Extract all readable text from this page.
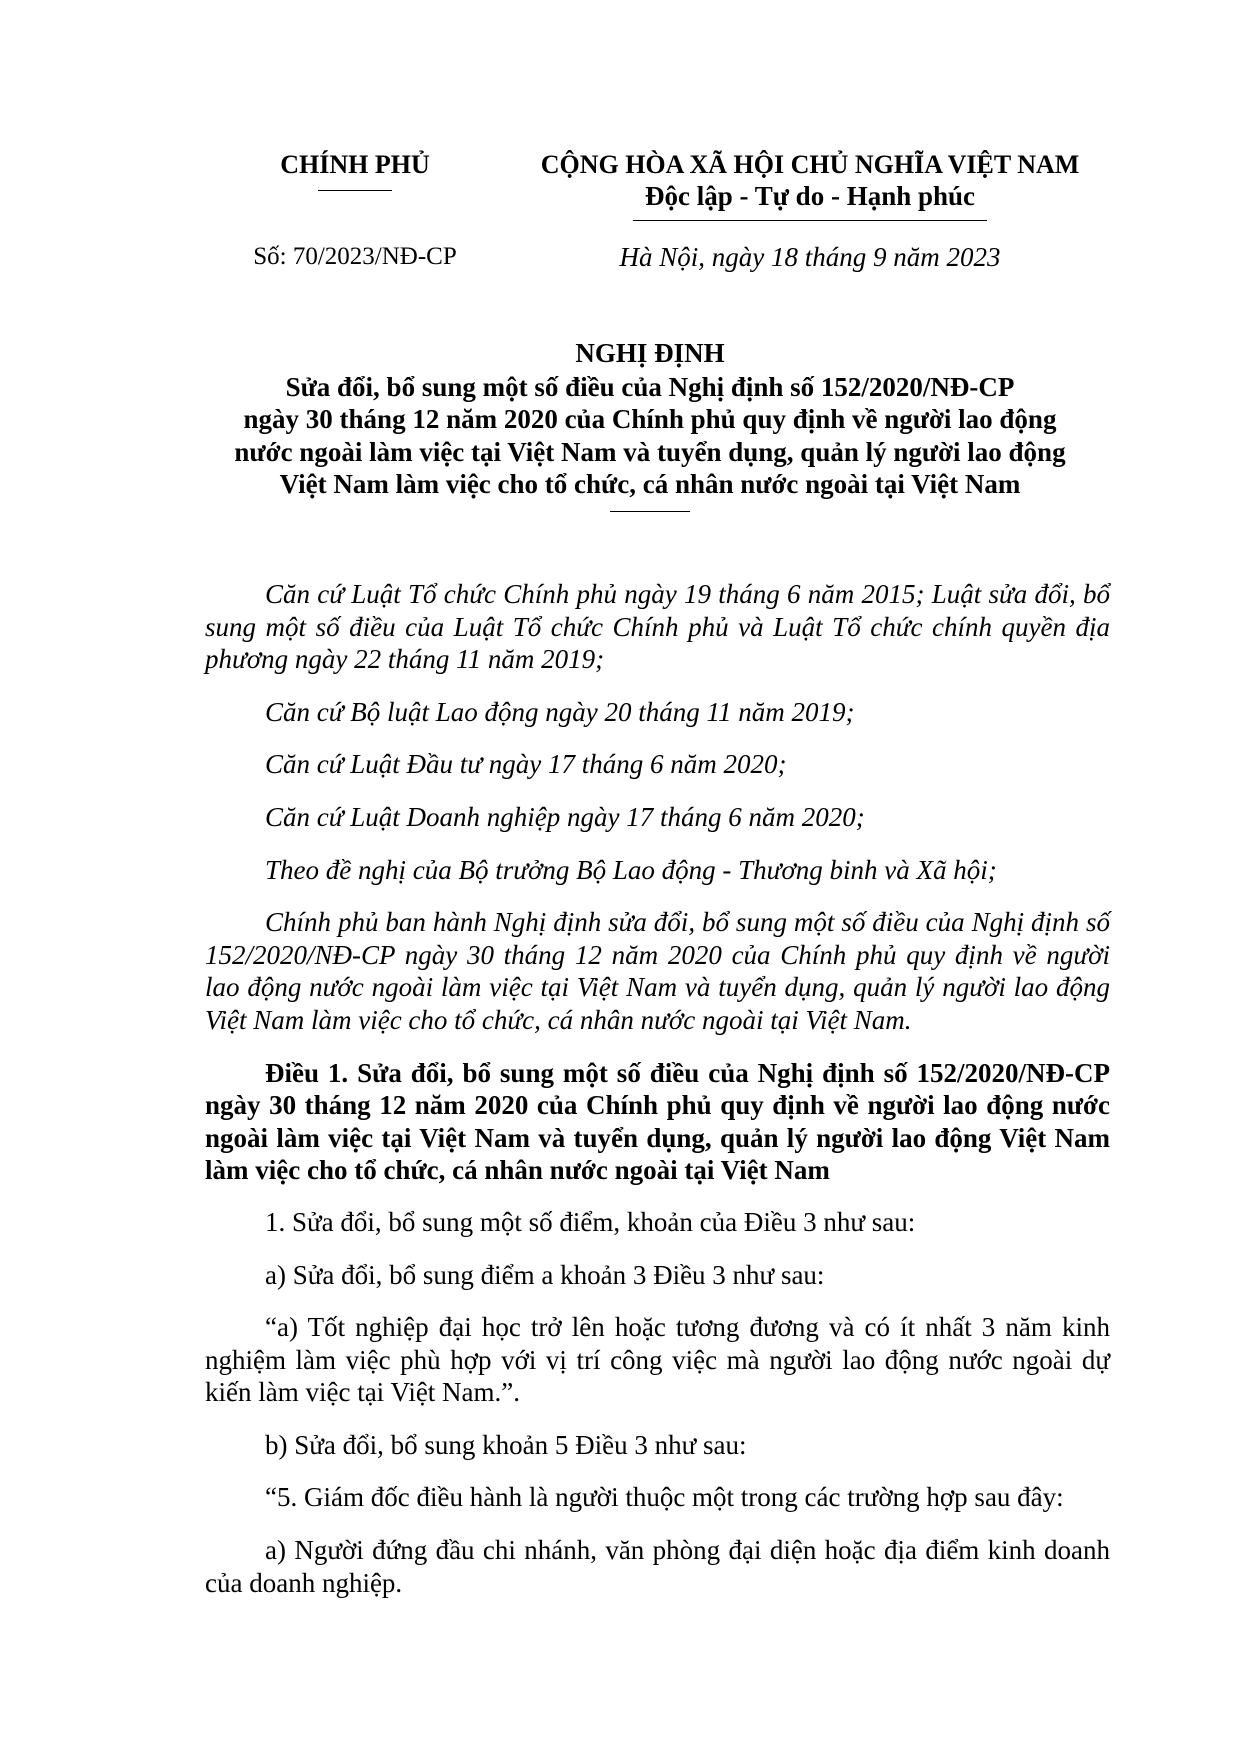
CHÍNH PHỦ	CỘNG HÒA XÃ HỘI CHỦ NGHĨA VIỆT NAM

Độc lập - Tự do - Hạnh phúc

Số: 70/2023/NĐ-CP	Hà Nội, ngày 18 tháng 9 năm 2023

NGHỊ ĐỊNH

Sửa đổi, bổ sung một số điều của Nghị định số 152/2020/NĐ-CP

ngày 30 tháng 12 năm 2020 của Chính phủ quy định về người lao động

nước ngoài làm việc tại Việt Nam và tuyển dụng, quản lý người lao động

Việt Nam làm việc cho tổ chức, cá nhân nước ngoài tại Việt Nam

Căn cứ Luật Tổ chức Chính phủ ngày 19 tháng 6 năm 2015; Luật sửa đổi, bổ sung một số điều của Luật Tổ chức Chính phủ và Luật Tổ chức chính quyền địa phương ngày 22 tháng 11 năm 2019;

Căn cứ Bộ luật Lao động ngày 20 tháng 11 năm 2019;

Căn cứ Luật Đầu tư ngày 17 tháng 6 năm 2020;

Căn cứ Luật Doanh nghiệp ngày 17 tháng 6 năm 2020;

Theo đề nghị của Bộ trưởng Bộ Lao động - Thương binh và Xã hội;

Chính phủ ban hành Nghị định sửa đổi, bổ sung một số điều của Nghị định số 152/2020/NĐ-CP ngày 30 tháng 12 năm 2020 của Chính phủ quy định về người lao động nước ngoài làm việc tại Việt Nam và tuyển dụng, quản lý người lao động Việt Nam làm việc cho tổ chức, cá nhân nước ngoài tại Việt Nam.

Điều 1. Sửa đổi, bổ sung một số điều của Nghị định số 152/2020/NĐ-CP ngày 30 tháng 12 năm 2020 của Chính phủ quy định về người lao động nước ngoài làm việc tại Việt Nam và tuyển dụng, quản lý người lao động Việt Nam làm việc cho tổ chức, cá nhân nước ngoài tại Việt Nam

1. Sửa đổi, bổ sung một số điểm, khoản của Điều 3 như sau:

a) Sửa đổi, bổ sung điểm a khoản 3 Điều 3 như sau:

“a) Tốt nghiệp đại học trở lên hoặc tương đương và có ít nhất 3 năm kinh nghiệm làm việc phù hợp với vị trí công việc mà người lao động nước ngoài dự kiến làm việc tại Việt Nam.”.

b) Sửa đổi, bổ sung khoản 5 Điều 3 như sau:

“5. Giám đốc điều hành là người thuộc một trong các trường hợp sau đây:

a) Người đứng đầu chi nhánh, văn phòng đại diện hoặc địa điểm kinh doanh của doanh nghiệp.
